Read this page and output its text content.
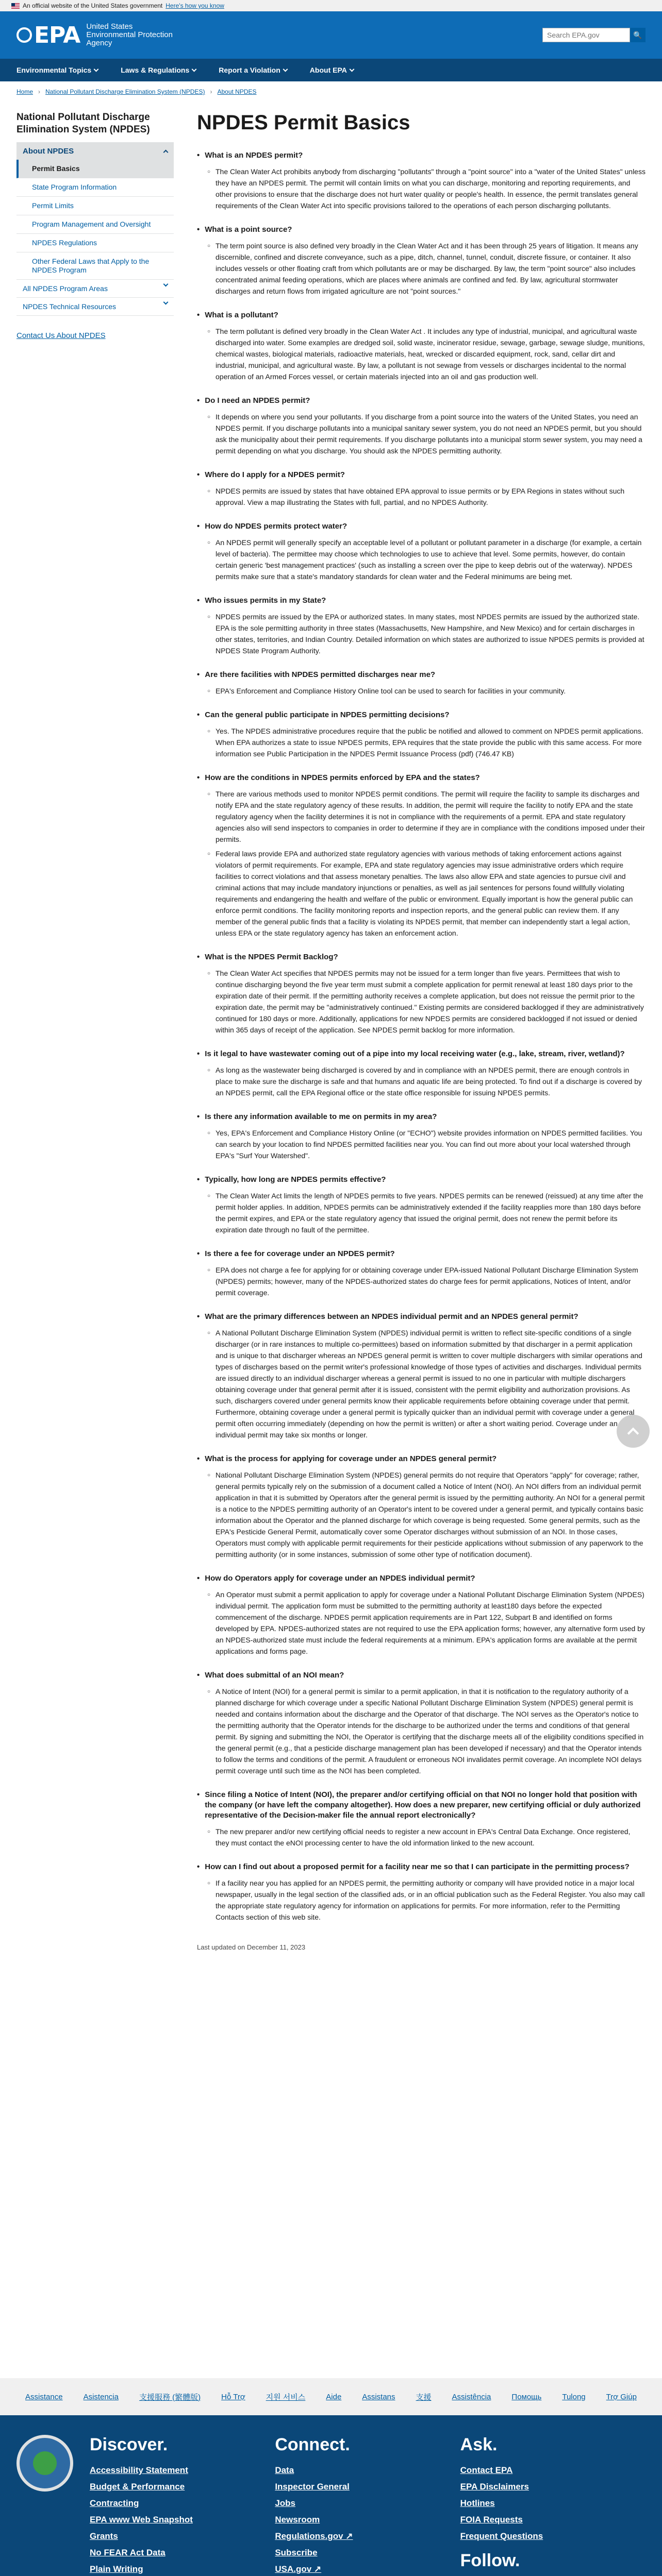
An official website of the United States government Here's how you know
EPA United States
Environmental Protection
Agency
Search EPA.gov
🔍
Environmental Topics	Laws & Regulations	Report a Violation	About EPA
Home › National Pollutant Discharge Elimination System (NPDES) › About NPDES
National Pollutant Discharge Elimination System (NPDES)
About NPDES
Permit Basics
State Program Information
Permit Limits
Program Management and Oversight
NPDES Regulations
Other Federal Laws that Apply to the NPDES Program
All NPDES Program Areas
NPDES Technical Resources
Contact Us About NPDES
NPDES Permit Basics
• What is an NPDES permit?

○ The Clean Water Act prohibits anybody from discharging "pollutants" through a "point source" into a "water of the United States" unless they have an NPDES permit. The permit will contain limits on what you can discharge, monitoring and reporting requirements, and other provisions to ensure that the discharge does not hurt water quality or people's health. In essence, the permit translates general requirements of the Clean Water Act into specific provisions tailored to the operations of each person discharging pollutants.

• What is a point source?

○ The term point source is also defined very broadly in the Clean Water Act and it has been through 25 years of litigation. It means any discernible, confined and discrete conveyance, such as a pipe, ditch, channel, tunnel, conduit, discrete fissure, or container. It also includes vessels or other floating craft from which pollutants are or may be discharged. By law, the term "point source" also includes concentrated animal feeding operations, which are places where animals are confined and fed. By law, agricultural stormwater discharges and return flows from irrigated agriculture are not "point sources."

• What is a pollutant?

○ The term pollutant is defined very broadly in the Clean Water Act . It includes any type of industrial, municipal, and agricultural waste discharged into water. Some examples are dredged soil, solid waste, incinerator residue, sewage, garbage, sewage sludge, munitions, chemical wastes, biological materials, radioactive materials, heat, wrecked or discarded equipment, rock, sand, cellar dirt and industrial, municipal, and agricultural waste. By law, a pollutant is not sewage from vessels or discharges incidental to the normal operation of an Armed Forces vessel, or certain materials injected into an oil and gas production well.

• Do I need an NPDES permit?

○ It depends on where you send your pollutants. If you discharge from a point source into the waters of the United States, you need an NPDES permit. If you discharge pollutants into a municipal sanitary sewer system, you do not need an NPDES permit, but you should ask the municipality about their permit requirements. If you discharge pollutants into a municipal storm sewer system, you may need a permit depending on what you discharge. You should ask the NPDES permitting authority.

• Where do I apply for a NPDES permit?

○ NPDES permits are issued by states that have obtained EPA approval to issue permits or by EPA Regions in states without such approval. View a map illustrating the States with full, partial, and no NPDES Authority.

• How do NPDES permits protect water?

○ An NPDES permit will generally specify an acceptable level of a pollutant or pollutant parameter in a discharge (for example, a certain level of bacteria). The permittee may choose which technologies to use to achieve that level. Some permits, however, do contain certain generic 'best management practices' (such as installing a screen over the pipe to keep debris out of the waterway). NPDES permits make sure that a state's mandatory standards for clean water and the Federal minimums are being met.

• Who issues permits in my State?

○ NPDES permits are issued by the EPA or authorized states. In many states, most NPDES permits are issued by the authorized state. EPA is the sole permitting authority in three states (Massachusetts, New Hampshire, and New Mexico) and for certain discharges in other states, territories, and Indian Country. Detailed information on which states are authorized to issue NPDES permits is provided at NPDES State Program Authority.

• Are there facilities with NPDES permitted discharges near me?

○ EPA's Enforcement and Compliance History Online tool can be used to search for facilities in your community.

• Can the general public participate in NPDES permitting decisions?

○ Yes. The NPDES administrative procedures require that the public be notified and allowed to comment on NPDES permit applications. When EPA authorizes a state to issue NPDES permits, EPA requires that the state provide the public with this same access. For more information see Public Participation in the NPDES Permit Issuance Process (pdf) (746.47 KB)

• How are the conditions in NPDES permits enforced by EPA and the states?

○ There are various methods used to monitor NPDES permit conditions. The permit will require the facility to sample its discharges and notify EPA and the state regulatory agency of these results. In addition, the permit will require the facility to notify EPA and the state regulatory agency when the facility determines it is not in compliance with the requirements of a permit. EPA and state regulatory agencies also will send inspectors to companies in order to determine if they are in compliance with the conditions imposed under their permits.

○ Federal laws provide EPA and authorized state regulatory agencies with various methods of taking enforcement actions against violators of permit requirements. For example, EPA and state regulatory agencies may issue administrative orders which require facilities to correct violations and that assess monetary penalties. The laws also allow EPA and state agencies to pursue civil and criminal actions that may include mandatory injunctions or penalties, as well as jail sentences for persons found willfully violating requirements and endangering the health and welfare of the public or environment. Equally important is how the general public can enforce permit conditions. The facility monitoring reports and inspection reports, and the general public can review them. If any member of the general public finds that a facility is violating its NPDES permit, that member can independently start a legal action, unless EPA or the state regulatory agency has taken an enforcement action.

• What is the NPDES Permit Backlog?

○ The Clean Water Act specifies that NPDES permits may not be issued for a term longer than five years. Permittees that wish to continue discharging beyond the five year term must submit a complete application for permit renewal at least 180 days prior to the expiration date of their permit. If the permitting authority receives a complete application, but does not reissue the permit prior to the expiration date, the permit may be "administratively continued." Existing permits are considered backlogged if they are administratively continued for 180 days or more. Additionally, applications for new NPDES permits are considered backlogged if not issued or denied within 365 days of receipt of the application. See NPDES permit backlog for more information.

• Is it legal to have wastewater coming out of a pipe into my local receiving water (e.g., lake, stream, river, wetland)?

○ As long as the wastewater being discharged is covered by and in compliance with an NPDES permit, there are enough controls in place to make sure the discharge is safe and that humans and aquatic life are being protected. To find out if a discharge is covered by an NPDES permit, call the EPA Regional office or the state office responsible for issuing NPDES permits.

• Is there any information available to me on permits in my area?

○ Yes, EPA's Enforcement and Compliance History Online (or "ECHO") website provides information on NPDES permitted facilities. You can search by your location to find NPDES permitted facilities near you. You can find out more about your local watershed through EPA's "Surf Your Watershed".

• Typically, how long are NPDES permits effective?

○ The Clean Water Act limits the length of NPDES permits to five years. NPDES permits can be renewed (reissued) at any time after the permit holder applies. In addition, NPDES permits can be administratively extended if the facility reapplies more than 180 days before the permit expires, and EPA or the state regulatory agency that issued the original permit, does not renew the permit before its expiration date through no fault of the permittee.

• Is there a fee for coverage under an NPDES permit?

○ EPA does not charge a fee for applying for or obtaining coverage under EPA-issued National Pollutant Discharge Elimination System (NPDES) permits; however, many of the NPDES-authorized states do charge fees for permit applications, Notices of Intent, and/or permit coverage.

• What are the primary differences between an NPDES individual permit and an NPDES general permit?

○ A National Pollutant Discharge Elimination System (NPDES) individual permit is written to reflect site-specific conditions of a single discharger (or in rare instances to multiple co-permittees) based on information submitted by that discharger in a permit application and is unique to that discharger whereas an NPDES general permit is written to cover multiple dischargers with similar operations and types of discharges based on the permit writer's professional knowledge of those types of activities and discharges. Individual permits are issued directly to an individual discharger whereas a general permit is issued to no one in particular with multiple dischargers obtaining coverage under that general permit after it is issued, consistent with the permit eligibility and authorization provisions. As such, dischargers covered under general permits know their applicable requirements before obtaining coverage under that permit. Furthermore, obtaining coverage under a general permit is typically quicker than an individual permit with coverage under a general permit often occurring immediately (depending on how the permit is written) or after a short waiting period. Coverage under an individual permit may take six months or longer.

• What is the process for applying for coverage under an NPDES general permit?

○ National Pollutant Discharge Elimination System (NPDES) general permits do not require that Operators "apply" for coverage; rather, general permits typically rely on the submission of a document called a Notice of Intent (NOI). An NOI differs from an individual permit application in that it is submitted by Operators after the general permit is issued by the permitting authority. An NOI for a general permit is a notice to the NPDES permitting authority of an Operator's intent to be covered under a general permit, and typically contains basic information about the Operator and the planned discharge for which coverage is being requested. Some general permits, such as the EPA's Pesticide General Permit, automatically cover some Operator discharges without submission of an NOI. In those cases, Operators must comply with applicable permit requirements for their pesticide applications without submission of any paperwork to the permitting authority (or in some instances, submission of some other type of notification document).

• How do Operators apply for coverage under an NPDES individual permit?

○ An Operator must submit a permit application to apply for coverage under a National Pollutant Discharge Elimination System (NPDES) individual permit. The application form must be submitted to the permitting authority at least180 days before the expected commencement of the discharge. NPDES permit application requirements are in Part 122, Subpart B and identified on forms developed by EPA. NPDES-authorized states are not required to use the EPA application forms; however, any alternative form used by an NPDES-authorized state must include the federal requirements at a minimum. EPA's application forms are available at the permit applications and forms page.

• What does submittal of an NOI mean?

○ A Notice of Intent (NOI) for a general permit is similar to a permit application, in that it is notification to the regulatory authority of a planned discharge for which coverage under a specific National Pollutant Discharge Elimination System (NPDES) general permit is needed and contains information about the discharge and the Operator of that discharge. The NOI serves as the Operator's notice to the permitting authority that the Operator intends for the discharge to be authorized under the terms and conditions of that general permit. By signing and submitting the NOI, the Operator is certifying that the discharge meets all of the eligibility conditions specified in the general permit (e.g., that a pesticide discharge management plan has been developed if necessary) and that the Operator intends to follow the terms and conditions of the permit. A fraudulent or erroneous NOI invalidates permit coverage. An incomplete NOI delays permit coverage until such time as the NOI has been completed.

• Since filing a Notice of Intent (NOI), the preparer and/or certifying official on that NOI no longer hold that position with the company (or have left the company altogether). How does a new preparer, new certifying official or duly authorized representative of the Decision-maker file the annual report electronically?

○ The new preparer and/or new certifying official needs to register a new account in EPA's Central Data Exchange. Once registered, they must contact the eNOI processing center to have the old information linked to the new account.

• How can I find out about a proposed permit for a facility near me so that I can participate in the permitting process?

○ If a facility near you has applied for an NPDES permit, the permitting authority or company will have provided notice in a major local newspaper, usually in the legal section of the classified ads, or in an official publication such as the Federal Register. You also may call the appropriate state regulatory agency for information on applications for permits. For more information, refer to the Permitting Contacts section of this web site.

Last updated on December 11, 2023
Assistance	Asistencia	支援服務 (繁體版)	Hỗ Trợ	지원 서비스	Aide	Assistans	支援	Assistência	Помощь	Tulong	Trợ Giúp
Discover.
Accessibility Statement
Budget & Performance
Contracting
EPA www Web Snapshot
Grants
No FEAR Act Data
Plain Writing
Connect.
Data
Inspector General
Jobs
Newsroom
Regulations.gov ↗
Subscribe
USA.gov ↗
Ask.
Contact EPA
EPA Disclaimers
Hotlines
FOIA Requests
Frequent Questions
Follow.
